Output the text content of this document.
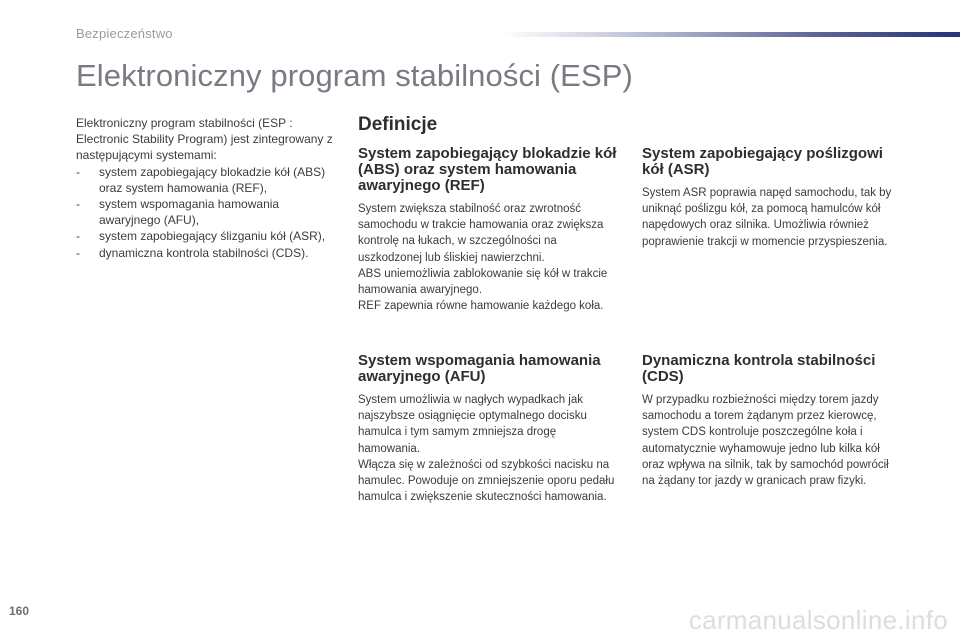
Bezpieczeństwo
Elektroniczny program stabilności (ESP)

Elektroniczny program stabilności (ESP : Electronic Stability Program) jest zintegrowany z następującymi systemami:

- system zapobiegający blokadzie kół (ABS) oraz system hamowania (REF),
- system wspomagania hamowania awaryjnego (AFU),
- system zapobiegający ślizganiu kół (ASR),
- dynamiczna kontrola stabilności (CDS).
Definicje
System zapobiegający blokadzie kół (ABS) oraz system hamowania awaryjnego (REF)

System zwiększa stabilność oraz zwrotność samochodu w trakcie hamowania oraz zwiększa kontrolę na łukach, w szczególności na uszkodzonej lub śliskiej nawierzchni.

ABS uniemożliwia zablokowanie się kół w trakcie hamowania awaryjnego.

REF zapewnia równe hamowanie każdego koła.

System wspomagania hamowania awaryjnego (AFU)

System umożliwia w nagłych wypadkach jak najszybsze osiągnięcie optymalnego docisku hamulca i tym samym zmniejsza drogę hamowania.

Włącza się w zależności od szybkości nacisku na hamulec. Powoduje on zmniejszenie oporu pedału hamulca i zwiększenie skuteczności hamowania.

System zapobiegający poślizgowi kół (ASR)

System ASR poprawia napęd samochodu, tak by uniknąć poślizgu kół, za pomocą hamulców kół napędowych oraz silnika. Umożliwia również poprawienie trakcji w momencie przyspieszenia.

Dynamiczna kontrola stabilności (CDS)

W przypadku rozbieżności między torem jazdy samochodu a torem żądanym przez kierowcę, system CDS kontroluje poszczególne koła i automatycznie wyhamowuje jedno lub kilka kół oraz wpływa na silnik, tak by samochód powrócił na żądany tor jazdy w granicach praw fizyki.

160	carmanualsonline.info
